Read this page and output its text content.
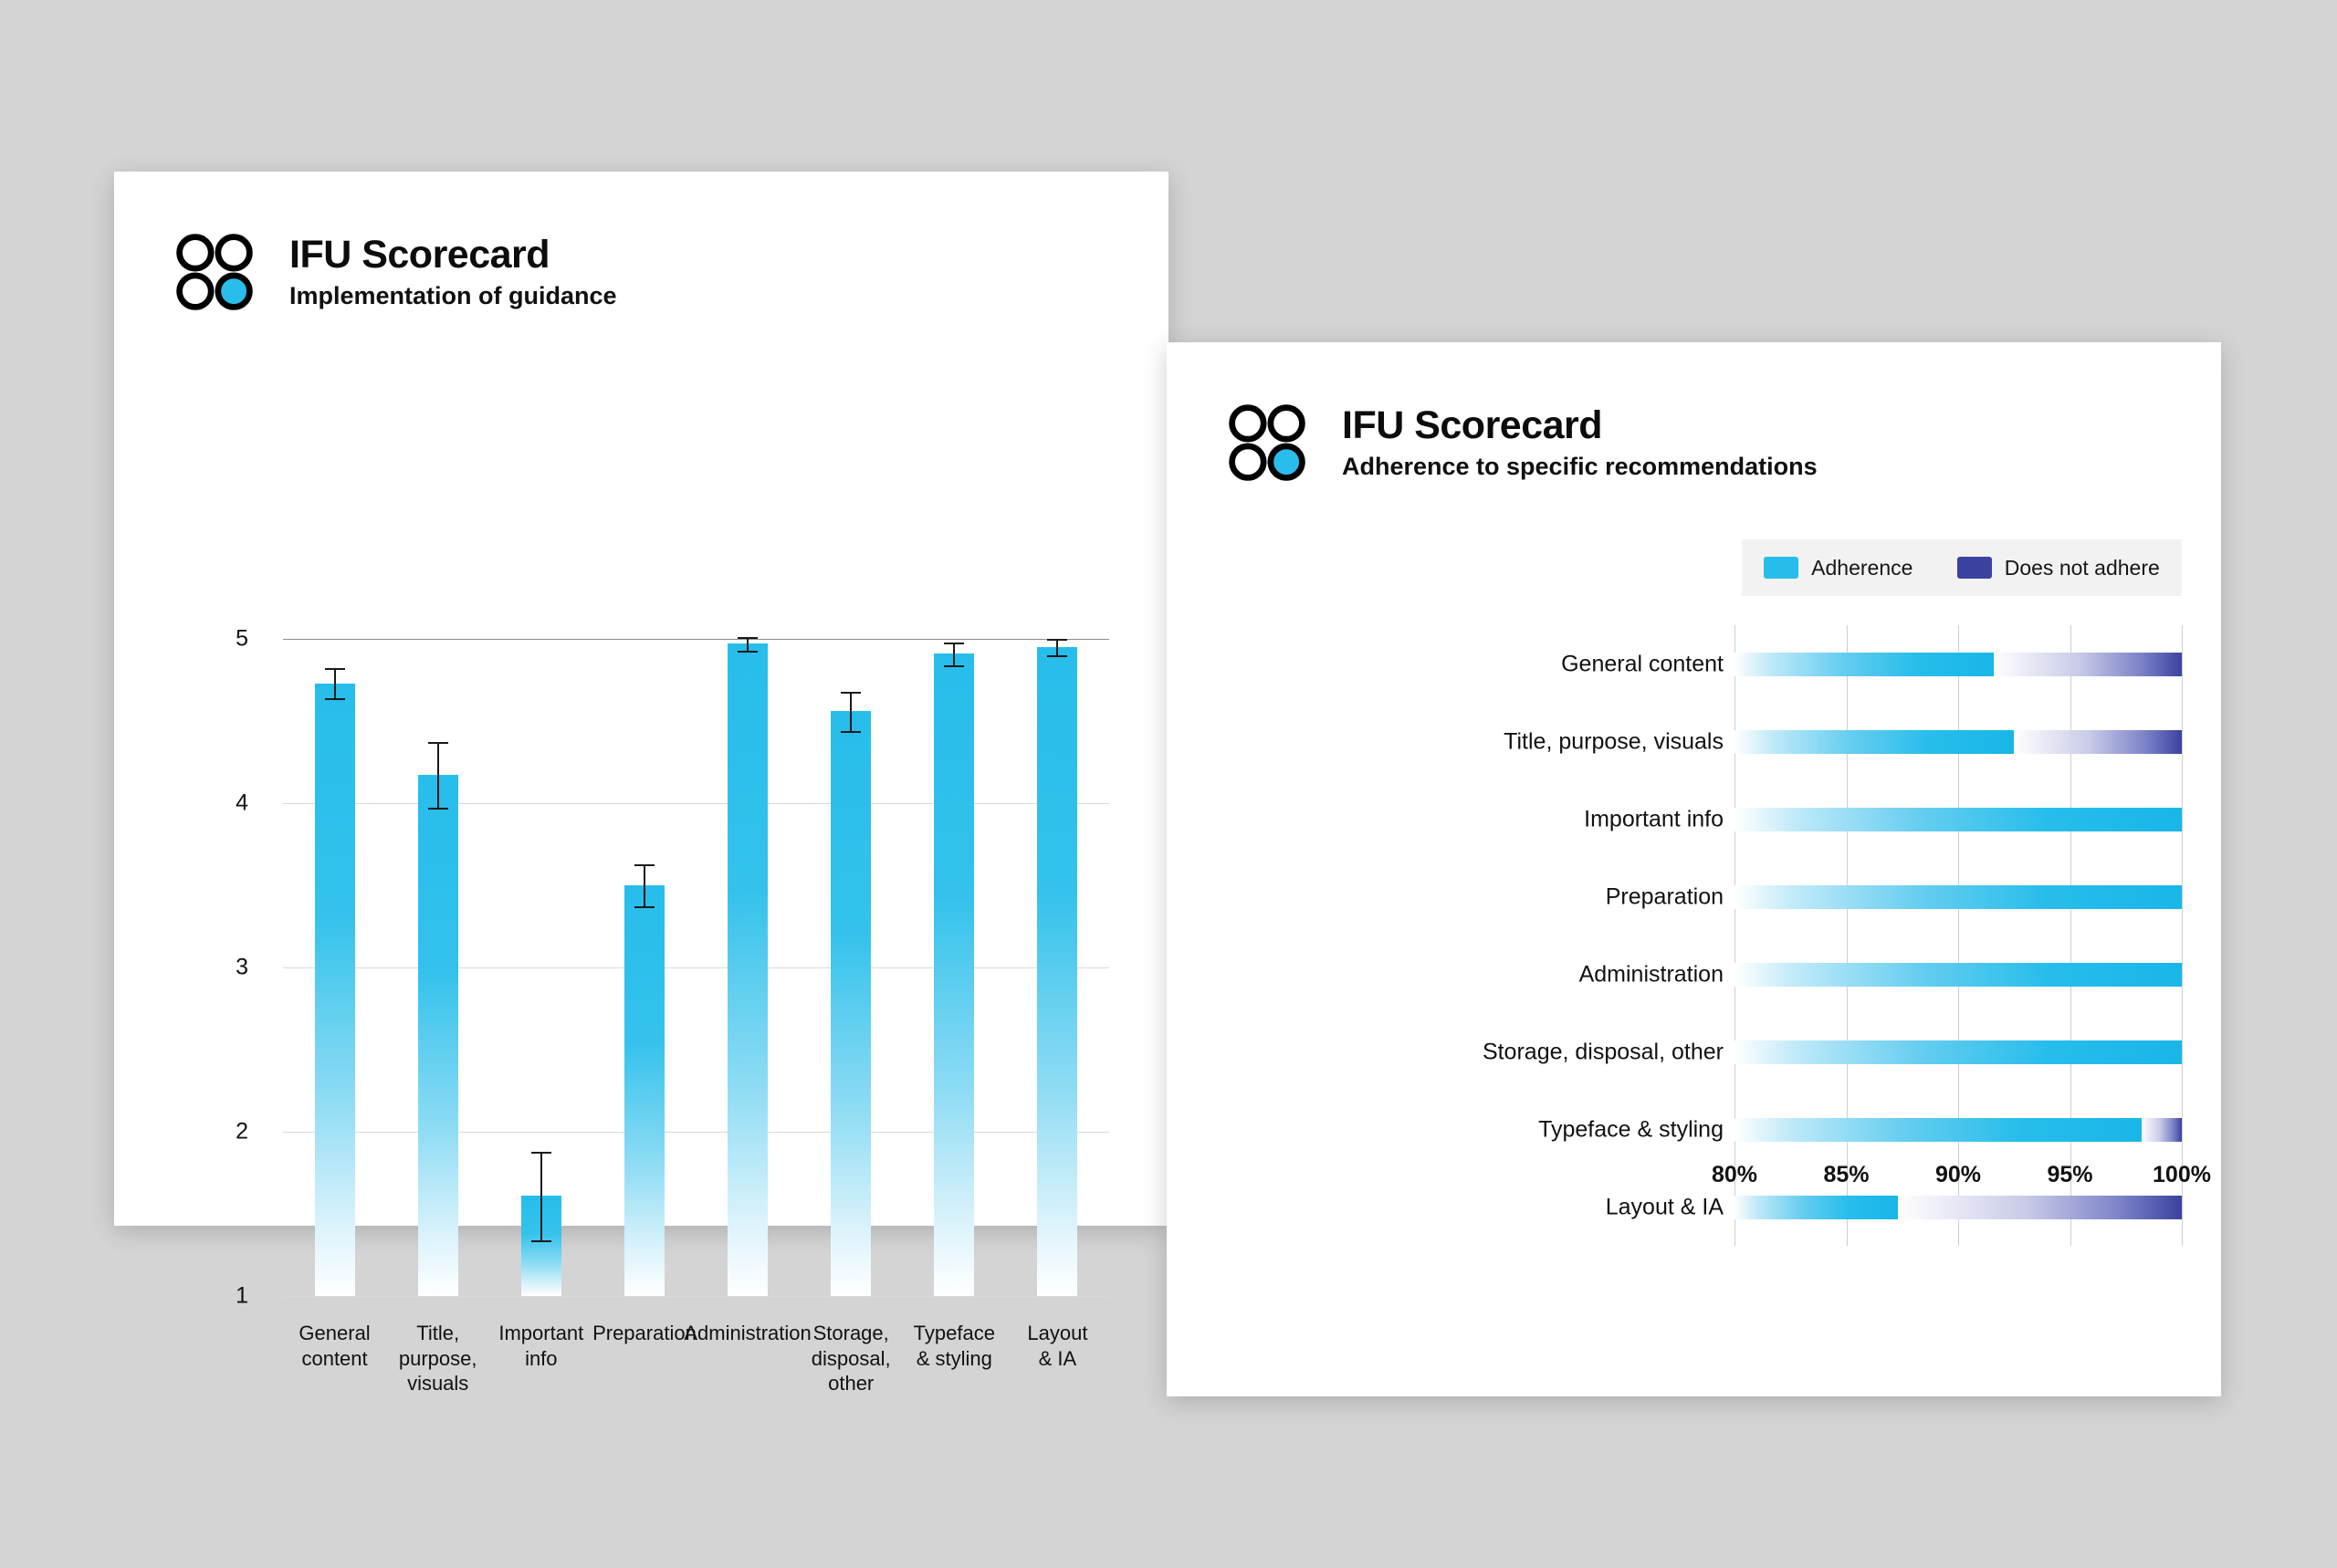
IFU Scorecard
Implementation of guidance
5
4
3
2
1
General
content
Title,
purpose,
visuals
Important
info
Preparation
Administration Storage,
disposal,
other
Typeface
& styling
Layout
& IA
IFU Scorecard
Adherence to specific recommendations
Adherence	Does not adhere
General content
Title, purpose, visuals
Important info
Preparation
Administration
Storage, disposal, other
Typeface & styling
Layout & IA
80%	85%	90%	95%	100%
